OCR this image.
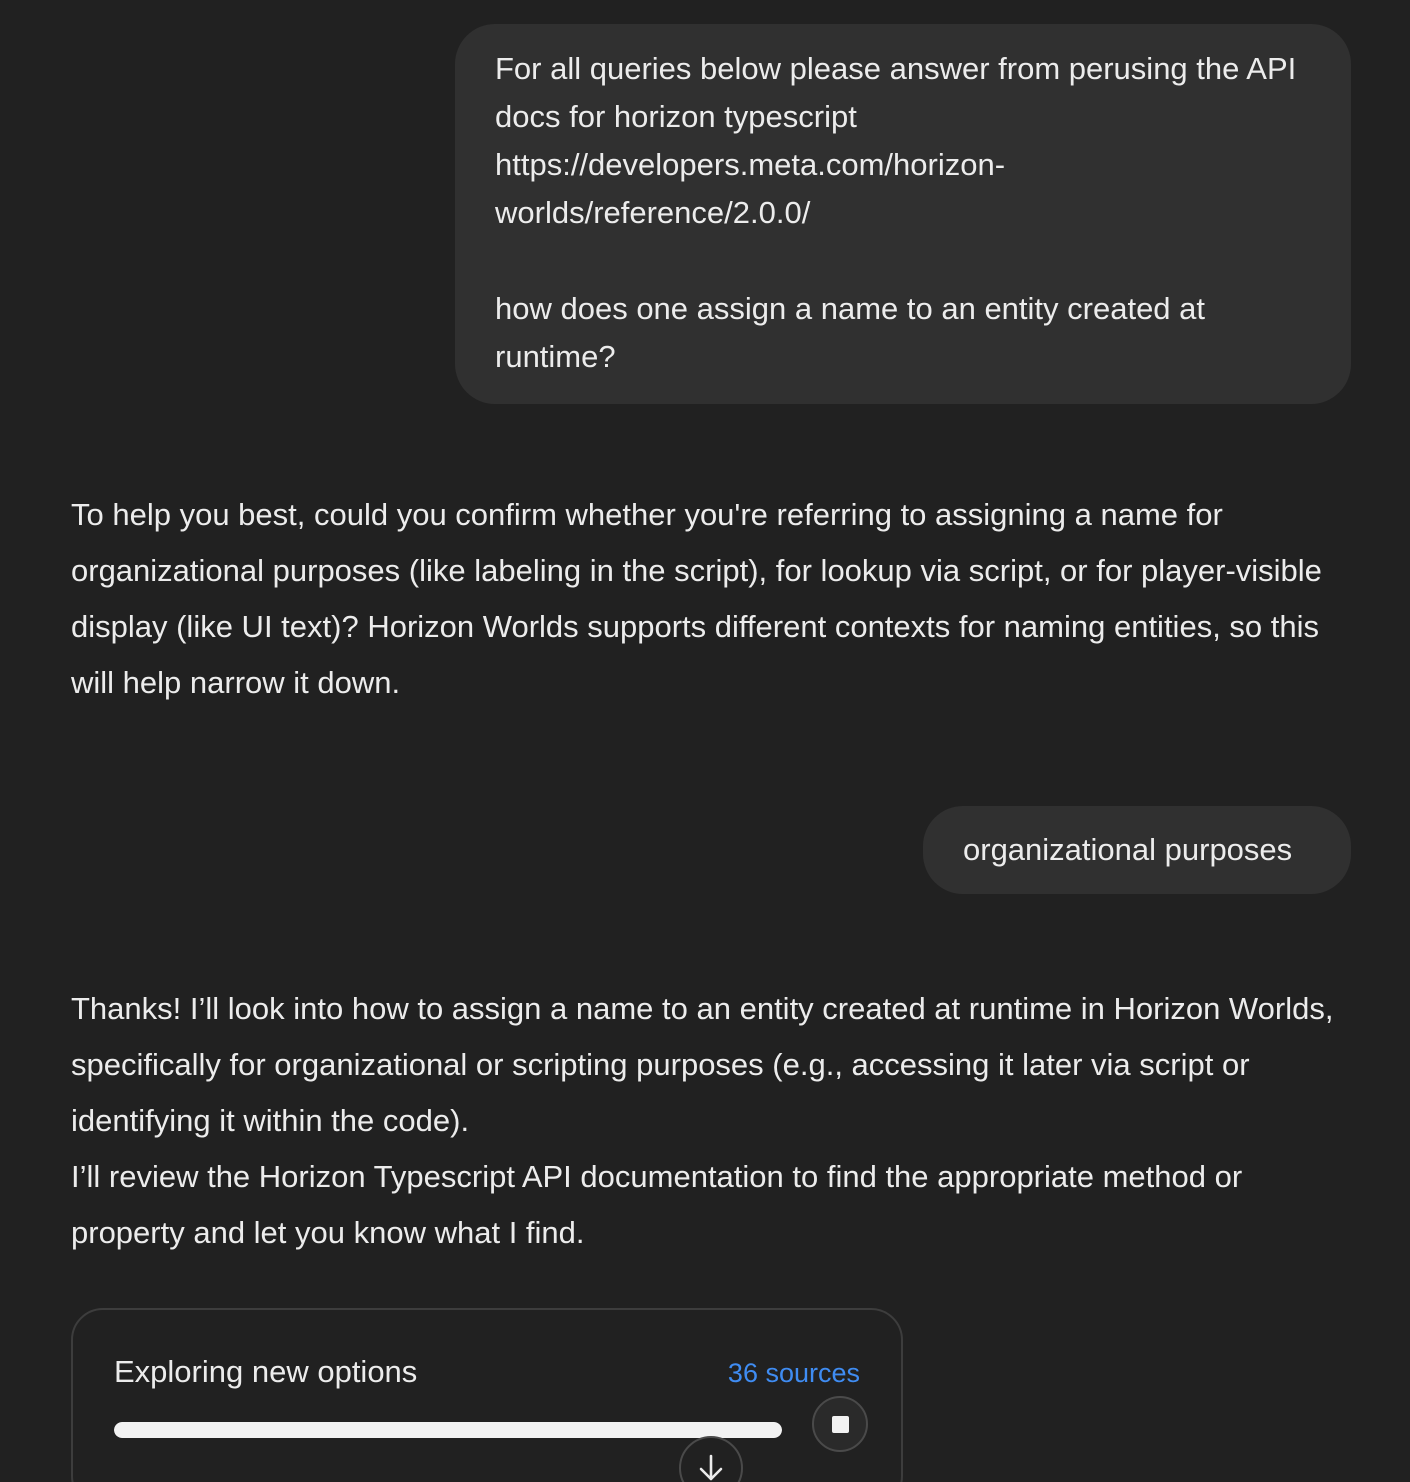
For all queries below please answer from perusing the API docs for horizon typescript https://developers.meta.com/horizon-
worlds/reference/2.0.0/

how does one assign a name to an entity created at runtime?
To help you best, could you confirm whether you're referring to assigning a name for organizational purposes (like labeling in the script), for lookup via script, or for player-visible display (like UI text)? Horizon Worlds supports different contexts for naming entities, so this will help narrow it down.
organizational purposes

Thanks! I’ll look into how to assign a name to an entity created at runtime in Horizon Worlds, specifically for organizational or scripting purposes (e.g., accessing it later via script or identifying it within the code).

I’ll review the Horizon Typescript API documentation to find the appropriate method or property and let you know what I find.

Exploring new options	36 sources
